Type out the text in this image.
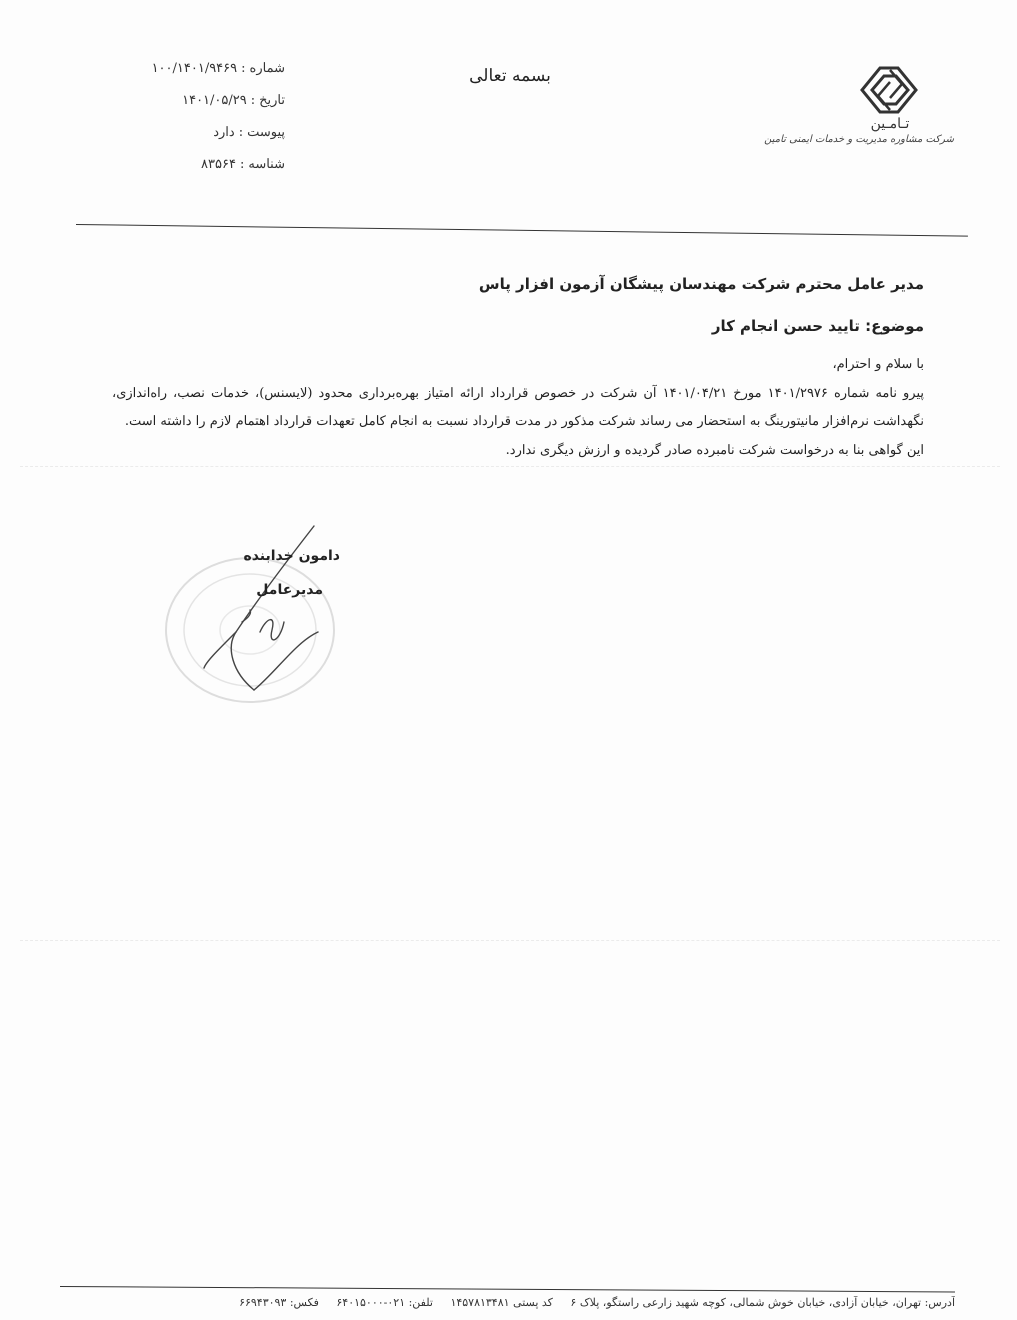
تـامـین
شرکت مشاوره مدیریت و خدمات ایمنی تامین
بسمه تعالی
شماره:۱۰۰/۱۴۰۱/۹۴۶۹
تاریخ:۱۴۰۱/۰۵/۲۹
پیوست:دارد
شناسه:۸۳۵۶۴
مدیر عامل محترم شرکت مهندسان پیشگان آزمون افزار پاس
موضوع: تایید حسن انجام کار
با سلام و احترام،
پیرو نامه شماره ۱۴۰۱/۲۹۷۶ مورخ ۱۴۰۱/۰۴/۲۱ آن شرکت در خصوص قرارداد ارائه امتیاز بهره‌برداری محدود (لایسنس)، خدمات نصب، راه‌اندازی، نگهداشت نرم‌افزار مانیتورینگ به استحضار می رساند شرکت مذکور در مدت قرارداد نسبت به انجام کامل تعهدات قرارداد اهتمام لازم را داشته است.
این گواهی بنا به درخواست شرکت نامبرده صادر گردیده و ارزش دیگری ندارد.
دامون خدابنده
مدیرعامل
آدرس: تهران، خیابان آزادی، خیابان خوش شمالی، کوچه شهید زارعی راستگو، پلاک ۶ کد پستی ۱۴۵۷۸۱۳۴۸۱ تلفن: ۰۲۱-۶۴۰۱۵۰۰۰ فکس: ۶۶۹۴۳۰۹۳
